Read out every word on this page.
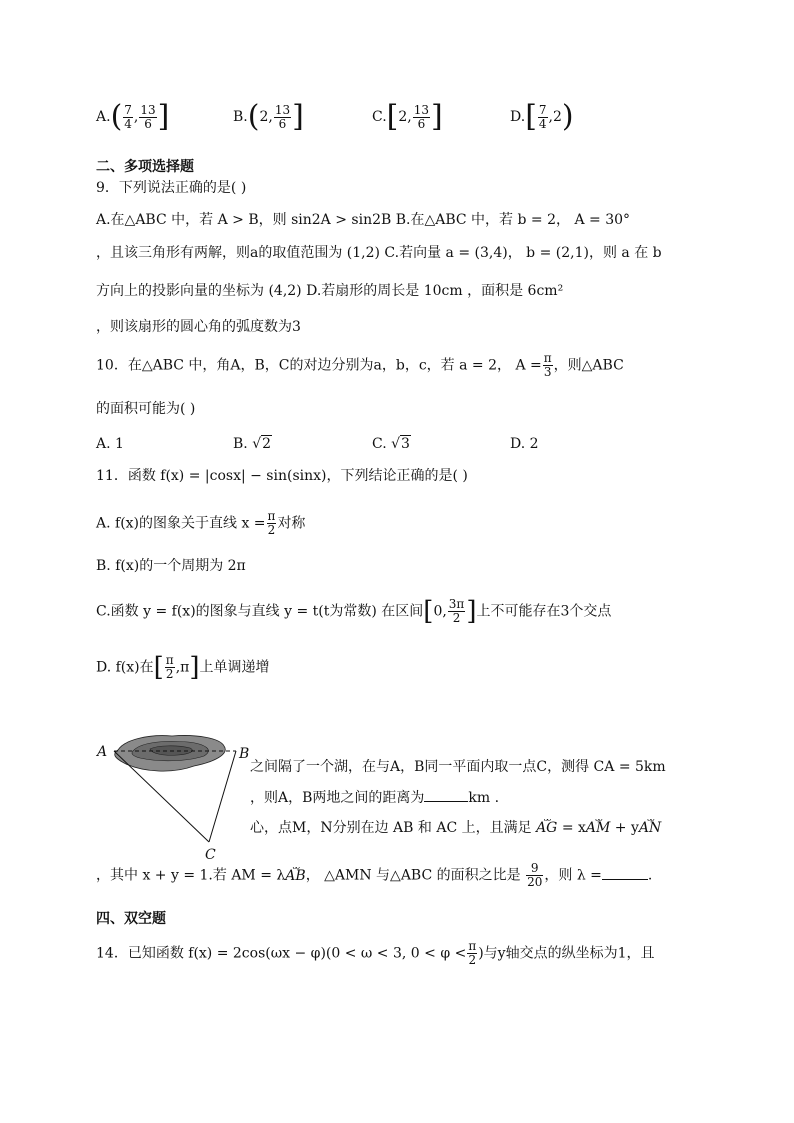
$A.( \frac{7}{4}$ , $\frac{13}{6}$ ]	B.(2, $\frac{13}{6}$ ]	C.[2, $\frac{13}{6}$ ]	$D.[ \frac{7}{4} ,2)$
二、多项选择题
9．下列说法正确的是( )
A.在△ABC 中，若 A > B，则 sin2A > sin2B B.在△ABC 中，若 b = 2， A = 30°
，且该三角形有两解，则a的取值范围为 (1,2) C.若向量 a = (3,4)， b = (2,1)，则 a 在 b
方向上的投影向量的坐标为 (4,2) D.若扇形的周长是 10cm ，面积是 6cm²
，则该扇形的圆心角的弧度数为3
10．在△ABC 中，角A，B，C的对边分别为a，b，c，若 a = 2， $A = \frac{\pi}{3}$ ，则△ABC
的面积可能为( )
A. 1	B. √2	C. √3	D. 2
11．函数 f(x) = |cosx| − sin(sinx)，下列结论正确的是( )
A. f(x)的图象关于直线 $x = \frac{\pi}{2}$ 对称
B. f(x)的一个周期为 2π
C.函数 y = f(x)的图象与直线 y = t(t为常数) 在区间[0, $\frac{3\pi}{2}$ ]上不可能存在3个交点
D. f(x)在[ $\frac{\pi}{2} ,\pi$]上单调递增
A	B
C
之间隔了一个湖，在与A，B同一平面内取一点C，测得 CA = 5km
，则A，B两地之间的距离为	km .
心，点M，N分别在边 AB 和 AC 上，且满足 ᴗᴗ AG = xᴗᴗ AM + yᴗᴗ AN
，其中 x + y = 1.若 AM = λᴗᴗ AB， △AMN 与△ABC 的面积之比是 $\frac{9}{20}$ ，则 λ =	.
四、双空题
14．已知函数 f(x) = 2cos(ωx − φ)(0 < ω < 3, $0 < \varphi < \frac{\pi}{2}$ )与y轴交点的纵坐标为1，且
